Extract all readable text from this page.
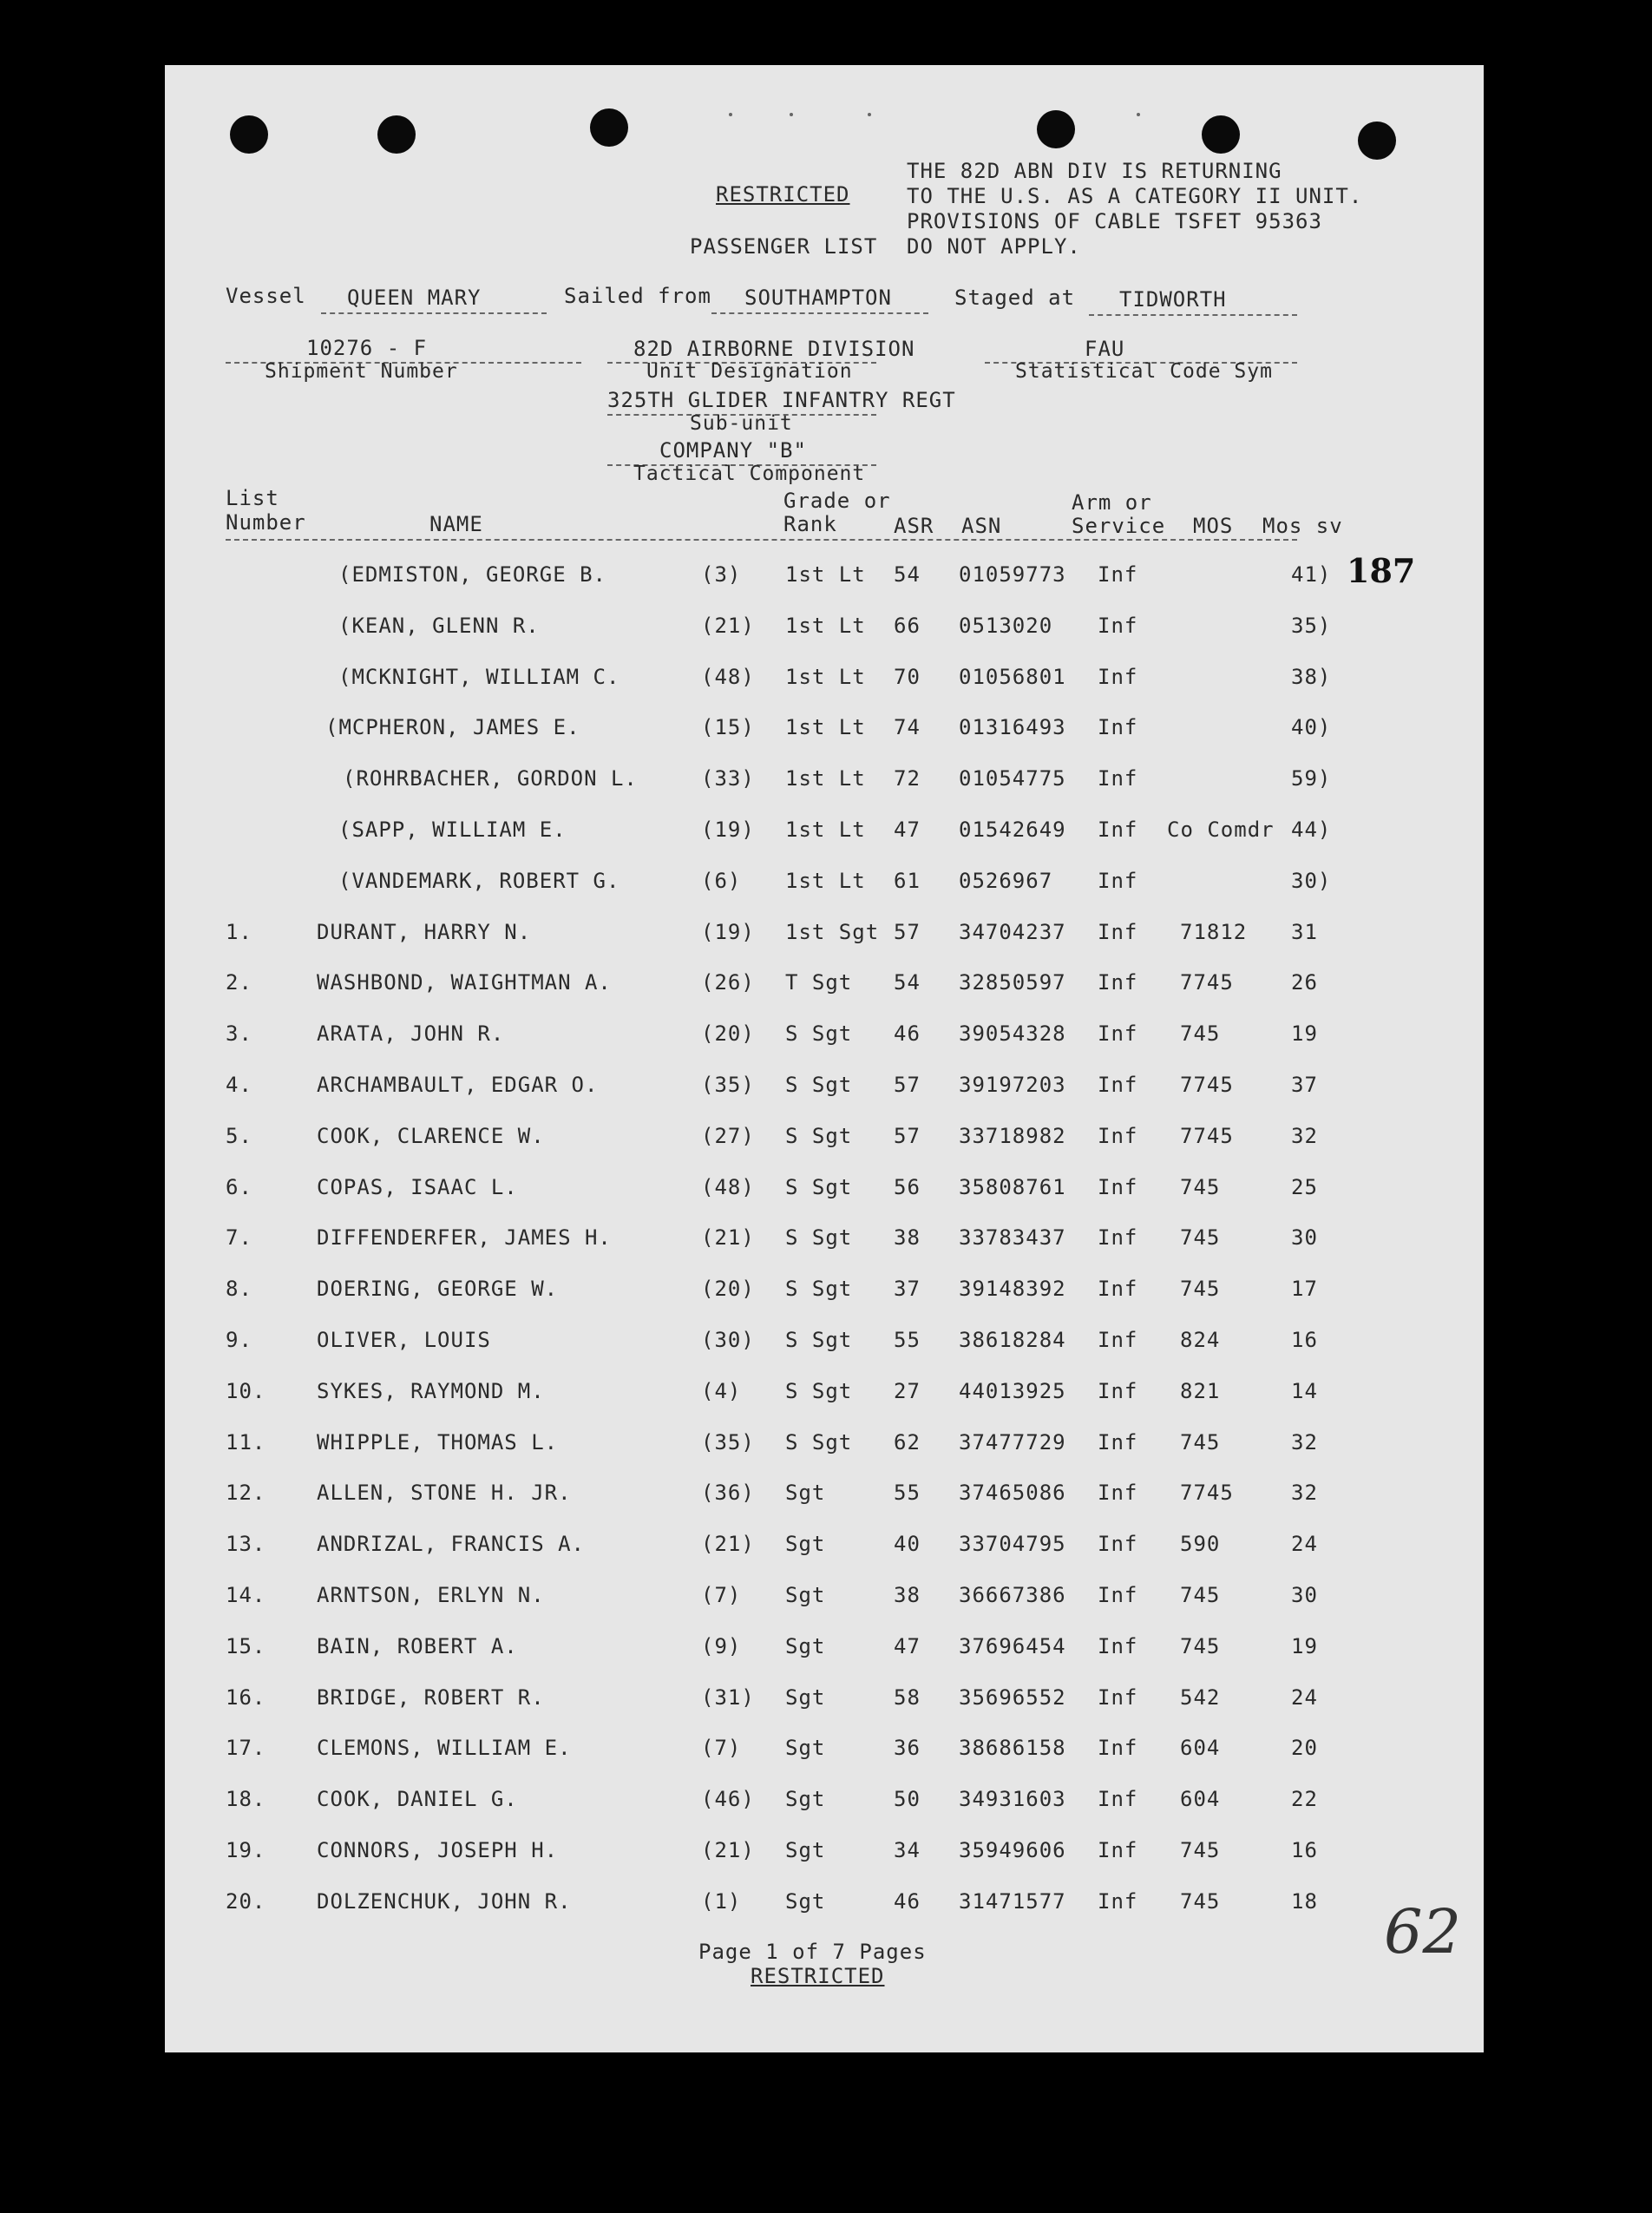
RESTRICTED
PASSENGER LIST
THE 82D ABN DIV IS RETURNING
TO THE U.S. AS A CATEGORY II UNIT.
PROVISIONS OF CABLE TSFET 95363
DO NOT APPLY.
Vessel QUEEN MARY	Sailed from SOUTHAMPTON	Staged at TIDWORTH
10276 - F
Shipment Number
82D AIRBORNE DIVISION
Unit Designation
325TH GLIDER INFANTRY REGT
Sub-unit
COMPANY "B"
Tactical Component
FAU
Statistical Code Sym
List
Number	NAME
Grade or
Rank	ASR ASN
Arm or
Service MOS Mos sv
187
(EDMISTON, GEORGE B.	(3) 1st Lt 54 01059773 Inf	41)
(KEAN, GLENN R.	(21) 1st Lt 66 0513020 Inf	35)
(MCKNIGHT, WILLIAM C.	(48) 1st Lt 70 01056801 Inf	38)
(MCPHERON, JAMES E.	(15) 1st Lt 74 01316493 Inf	40)
(ROHRBACHER, GORDON L.	(33) 1st Lt 72 01054775 Inf	59)
(SAPP, WILLIAM E.	(19) 1st Lt 47 01542649 Inf Co Comdr 44)
(VANDEMARK, ROBERT G.	(6) 1st Lt 61 0526967 Inf	30)
1.	DURANT, HARRY N.	(19) 1st Sgt 57 34704237 Inf 71812 31
2.	WASHBOND, WAIGHTMAN A.	(26) T Sgt 54 32850597 Inf 7745	26
3.	ARATA, JOHN R.	(20) S Sgt 46 39054328 Inf 745	19
4.	ARCHAMBAULT, EDGAR O.	(35) S Sgt 57 39197203 Inf 7745	37
5.	COOK, CLARENCE W.	(27) S Sgt 57 33718982 Inf 7745	32
6.	COPAS, ISAAC L.	(48) S Sgt 56 35808761 Inf 745	25
7.	DIFFENDERFER, JAMES H.	(21) S Sgt 38 33783437 Inf 745	30
8.	DOERING, GEORGE W.	(20) S Sgt 37 39148392 Inf 745	17
9.	OLIVER, LOUIS	(30) S Sgt 55 38618284 Inf 824	16
10. SYKES, RAYMOND M.	(4) S Sgt 27 44013925 Inf 821	14
11. WHIPPLE, THOMAS L.	(35) S Sgt 62 37477729 Inf 745	32
12. ALLEN, STONE H. JR.	(36) Sgt	55 37465086 Inf 7745	32
13. ANDRIZAL, FRANCIS A.	(21) Sgt	40 33704795 Inf 590	24
14. ARNTSON, ERLYN N.	(7) Sgt	38 36667386 Inf 745	30
15. BAIN, ROBERT A.	(9) Sgt	47 37696454 Inf 745	19
16. BRIDGE, ROBERT R.	(31) Sgt	58 35696552 Inf 542	24
17. CLEMONS, WILLIAM E.	(7) Sgt	36 38686158 Inf 604	20
18. COOK, DANIEL G.	(46) Sgt	50 34931603 Inf 604	22
19. CONNORS, JOSEPH H.	(21) Sgt	34 35949606 Inf 745	16
20. DOLZENCHUK, JOHN R.	(1) Sgt	46 31471577 Inf 745	18
Page 1 of 7 Pages
RESTRICTED
62
